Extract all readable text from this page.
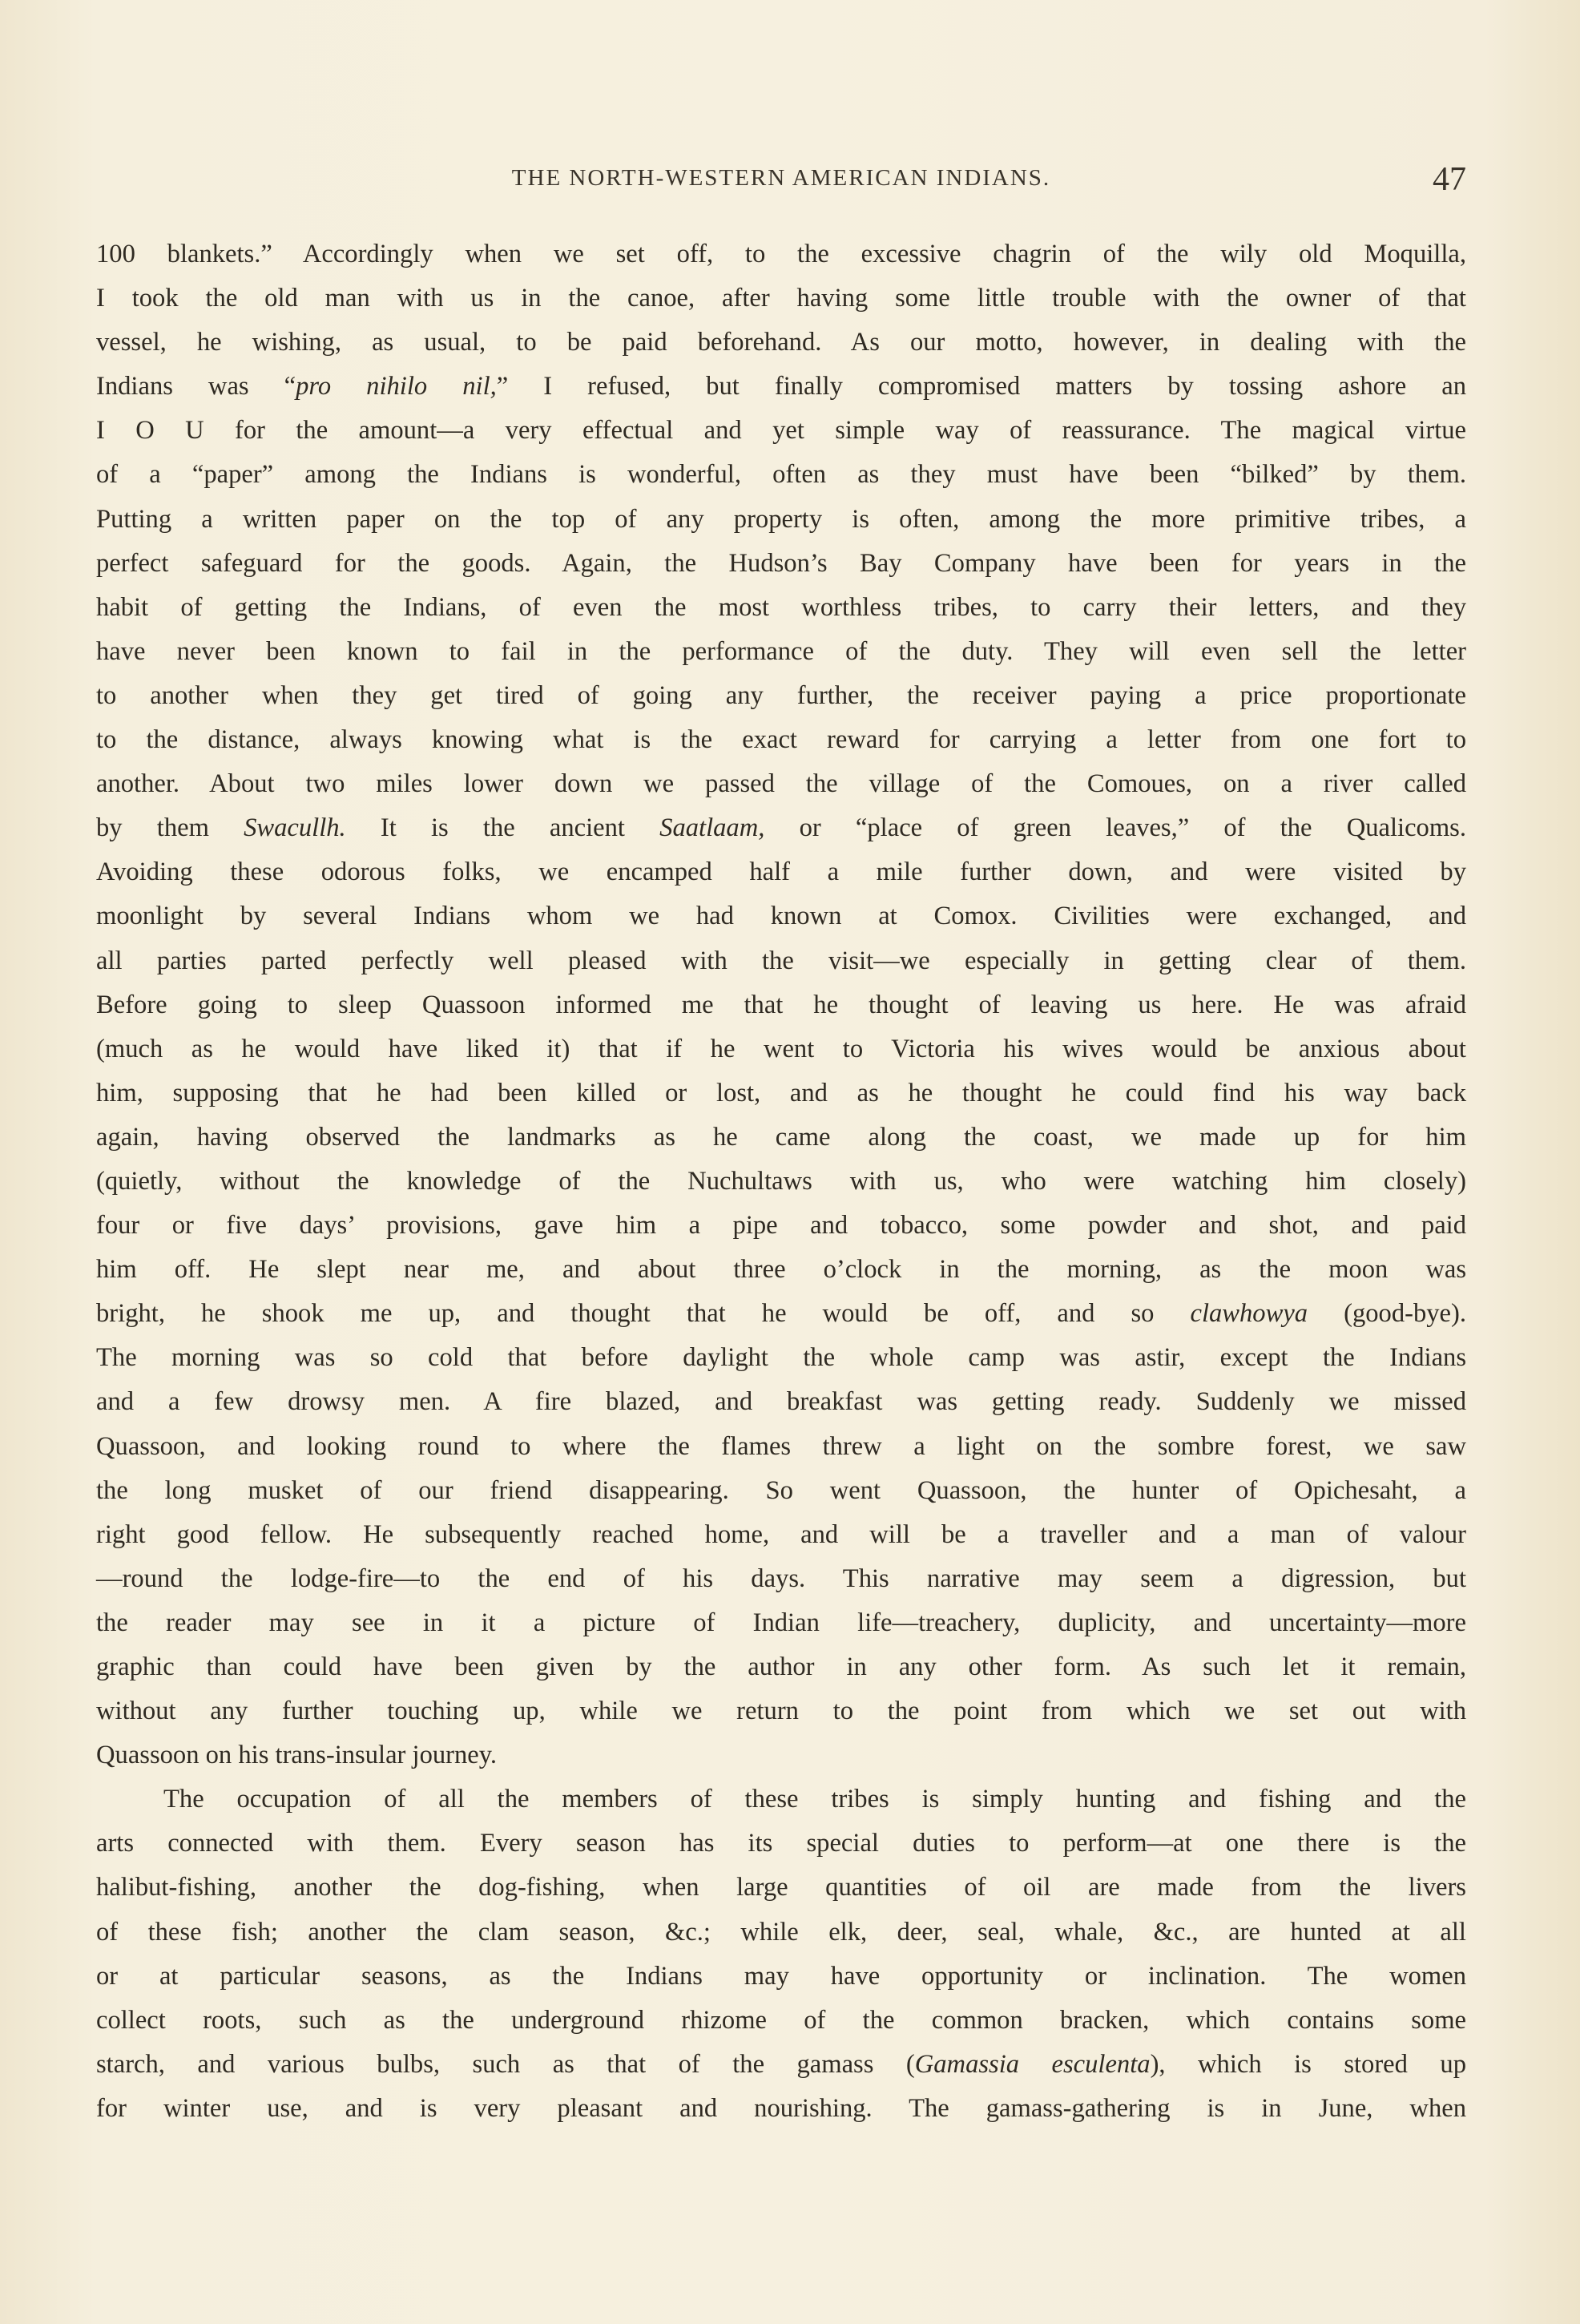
THE NORTH-WESTERN AMERICAN INDIANS.	47
100 blankets.” Accordingly when we set off, to the excessive chagrin of the wily old Moquilla,
I took the old man with us in the canoe, after having some little trouble with the owner of that
vessel, he wishing, as usual, to be paid beforehand. As our motto, however, in dealing with the
Indians was “pro nihilo nil,” I refused, but finally compromised matters by tossing ashore an
I O U for the amount—a very effectual and yet simple way of reassurance. The magical virtue
of a “paper” among the Indians is wonderful, often as they must have been “bilked” by them.
Putting a written paper on the top of any property is often, among the more primitive tribes, a
perfect safeguard for the goods. Again, the Hudson’s Bay Company have been for years in the
habit of getting the Indians, of even the most worthless tribes, to carry their letters, and they
have never been known to fail in the performance of the duty. They will even sell the letter
to another when they get tired of going any further, the receiver paying a price proportionate
to the distance, always knowing what is the exact reward for carrying a letter from one fort to
another. About two miles lower down we passed the village of the Comoues, on a river called
by them Swacullh. It is the ancient Saatlaam, or “place of green leaves,” of the Qualicoms.
Avoiding these odorous folks, we encamped half a mile further down, and were visited by
moonlight by several Indians whom we had known at Comox. Civilities were exchanged, and
all parties parted perfectly well pleased with the visit—we especially in getting clear of them.
Before going to sleep Quassoon informed me that he thought of leaving us here. He was afraid
(much as he would have liked it) that if he went to Victoria his wives would be anxious about
him, supposing that he had been killed or lost, and as he thought he could find his way back
again, having observed the landmarks as he came along the coast, we made up for him
(quietly, without the knowledge of the Nuchultaws with us, who were watching him closely)
four or five days’ provisions, gave him a pipe and tobacco, some powder and shot, and paid
him off. He slept near me, and about three o’clock in the morning, as the moon was
bright, he shook me up, and thought that he would be off, and so clawhowya (good-bye).
The morning was so cold that before daylight the whole camp was astir, except the Indians
and a few drowsy men. A fire blazed, and breakfast was getting ready. Suddenly we missed
Quassoon, and looking round to where the flames threw a light on the sombre forest, we saw
the long musket of our friend disappearing. So went Quassoon, the hunter of Opichesaht, a
right good fellow. He subsequently reached home, and will be a traveller and a man of valour
—round the lodge-fire—to the end of his days. This narrative may seem a digression, but
the reader may see in it a picture of Indian life—treachery, duplicity, and uncertainty—more
graphic than could have been given by the author in any other form. As such let it remain,
without any further touching up, while we return to the point from which we set out with
Quassoon on his trans-insular journey.
The occupation of all the members of these tribes is simply hunting and fishing and the
arts connected with them. Every season has its special duties to perform—at one there is the
halibut-fishing, another the dog-fishing, when large quantities of oil are made from the livers
of these fish; another the clam season, &c.; while elk, deer, seal, whale, &c., are hunted at all
or at particular seasons, as the Indians may have opportunity or inclination. The women
collect roots, such as the underground rhizome of the common bracken, which contains some
starch, and various bulbs, such as that of the gamass (Gamassia esculenta), which is stored up
for winter use, and is very pleasant and nourishing. The gamass-gathering is in June, when
